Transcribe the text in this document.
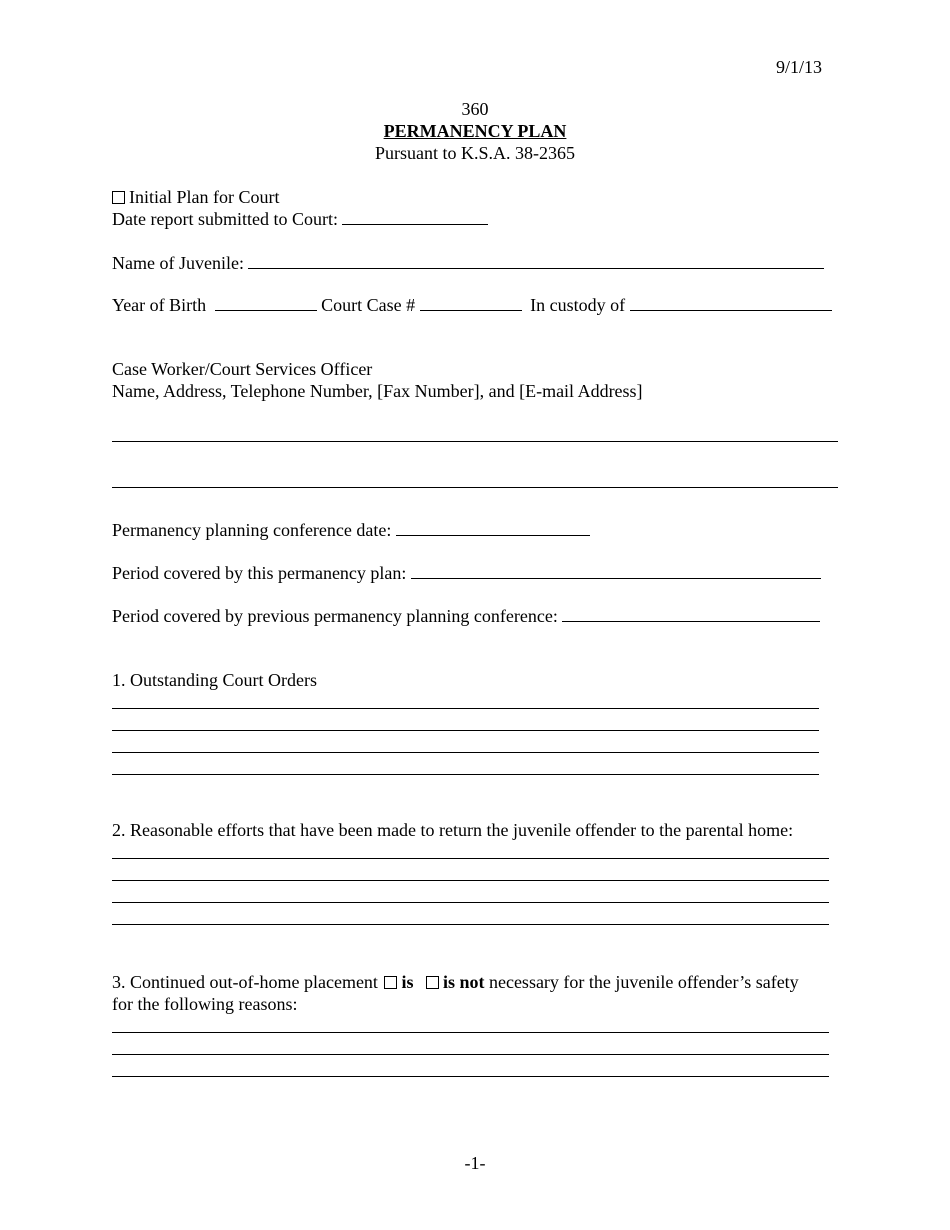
9/1/13
360
PERMANENCY PLAN
Pursuant to K.S.A. 38-2365
Initial Plan for Court
Date report submitted to Court:
Name of Juvenile:
Year of Birth	Court Case #	In custody of
Case Worker/Court Services Officer
Name, Address, Telephone Number, [Fax Number], and [E-mail Address]
Permanency planning conference date:
Period covered by this permanency plan:
Period covered by previous permanency planning conference:
1. Outstanding Court Orders
2. Reasonable efforts that have been made to return the juvenile offender to the parental home:
3. Continued out-of-home placement is is not necessary for the juvenile offender’s safety
for the following reasons:
-1-
